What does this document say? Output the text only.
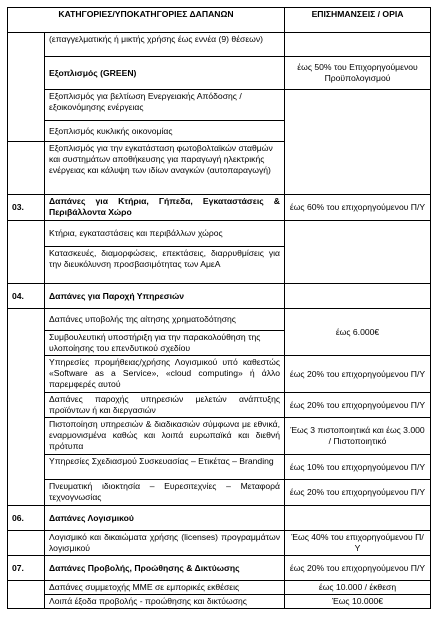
ΚΑΤΗΓΟΡΙΕΣ/ΥΠΟΚΑΤΗΓΟΡΙΕΣ ΔΑΠΑΝΩΝ		ΕΠΙΣΗΜΑΝΣΕΙΣ / ΟΡΙΑ
	(επαγγελματικής ή μικτής χρήσης έως εννέα (9) θέσεων)	
	Εξοπλισμός (GREEN)	έως 50% του Επιχορηγούμενου Προϋπολογισμού
	Εξοπλισμός για βελτίωση Ενεργειακής Απόδοσης /εξοικονόμησης ενέργειας	
	Εξοπλισμός κυκλικής οικονομίας	
	Εξοπλισμός για την εγκατάσταση φωτοβολταϊκών σταθμών και συστημάτων αποθήκευσης για παραγωγή ηλεκτρικής ενέργειας και κάλυψη των ιδίων αναγκών (αυτοπαραγωγή)	
03.	Δαπάνες για Κτήρια, Γήπεδα, Εγκαταστάσεις & Περιβάλλοντα Χώρο	έως 60% του επιχορηγούμενου Π/Υ
	Κτήρια, εγκαταστάσεις και περιβάλλων χώρος	
	Κατασκευές, διαμορφώσεις, επεκτάσεις, διαρρυθμίσεις για την διευκόλυνση προσβασιμότητας των ΑμεΑ	
04.	Δαπάνες για Παροχή Υπηρεσιών	
	Δαπάνες υποβολής της αίτησης χρηματοδότησης	έως 6.000€
	Συμβουλευτική υποστήριξη για την παρακολούθηση της υλοποίησης του επενδυτικού σχεδίου	
	Υπηρεσίες προμήθειας/χρήσης Λογισμικού υπό καθεστώς «Software as a Service», «cloud computing» ή άλλο παρεμφερές αυτού	έως 20% του επιχορηγούμενου Π/Υ
	Δαπάνες παροχής υπηρεσιών μελετών ανάπτυξης προϊόντων ή και διεργασιών	έως 20% του επιχορηγούμενου Π/Υ
	Πιστοποίηση υπηρεσιών & διαδικασιών σύμφωνα με εθνικά, εναρμονισμένα καθώς και λοιπά ευρωπαϊκά και διεθνή πρότυπα	Έως 3 πιστοποιητικά και έως 3.000 / Πιστοποιητικό
	Υπηρεσίες Σχεδιασμού Συσκευασίας – Ετικέτας – Branding	έως 10% του επιχορηγούμενου Π/Υ
	Πνευματική ιδιοκτησία – Ευρεσιτεχνίες – Μεταφορά τεχνογνωσίας	έως 20% του επιχορηγούμενου Π/Υ
06.	Δαπάνες Λογισμικού	
	Λογισμικό και δικαιώματα χρήσης (licenses) προγραμμάτων λογισμικού	Έως 40% του επιχορηγούμενου Π/Υ
07.	Δαπάνες Προβολής, Προώθησης & Δικτύωσης	έως 20% του επιχορηγούμενου Π/Υ
	Δαπάνες συμμετοχής ΜΜΕ σε εμπορικές εκθέσεις	έως 10.000 / έκθεση
	Λοιπά έξοδα προβολής - προώθησης και δικτύωσης	Έως 10.000€
